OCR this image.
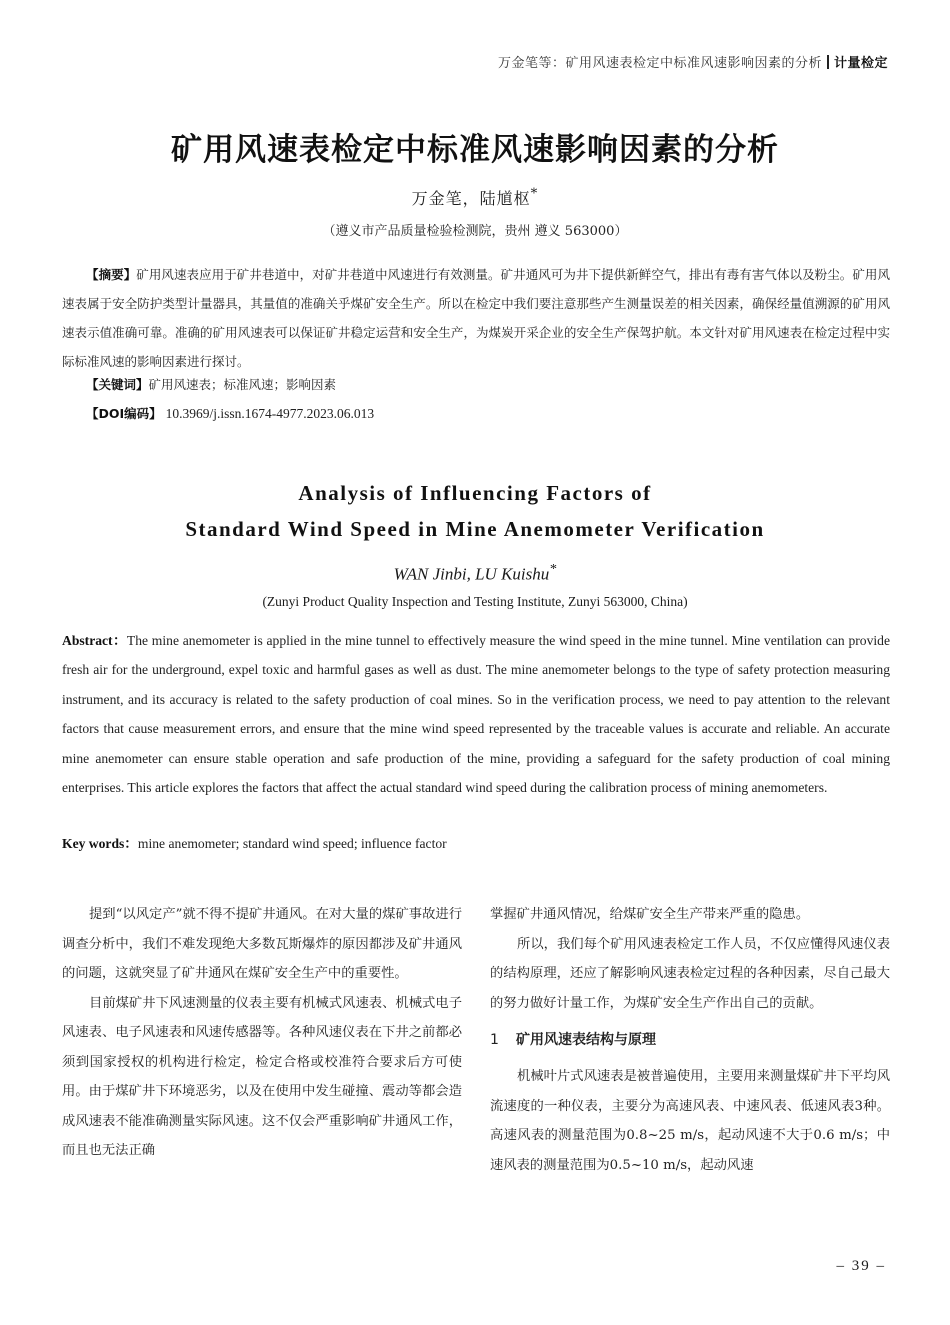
万金笔等：矿用风速表检定中标准风速影响因素的分析 计量检定
矿用风速表检定中标准风速影响因素的分析
万金笔，陆馗枢*
（遵义市产品质量检验检测院，贵州 遵义 563000）
【摘要】矿用风速表应用于矿井巷道中，对矿井巷道中风速进行有效测量。矿井通风可为井下提供新鲜空气，排出有毒有害气体以及粉尘。矿用风速表属于安全防护类型计量器具，其量值的准确关乎煤矿安全生产。所以在检定中我们要注意那些产生测量误差的相关因素，确保经量值溯源的矿用风速表示值准确可靠。准确的矿用风速表可以保证矿井稳定运营和安全生产，为煤炭开采企业的安全生产保驾护航。本文针对矿用风速表在检定过程中实际标准风速的影响因素进行探讨。
【关键词】矿用风速表；标准风速；影响因素
【DOI编码】 10.3969/j.issn.1674-4977.2023.06.013
Analysis of Influencing Factors of
Standard Wind Speed in Mine Anemometer Verification
WAN Jinbi, LU Kuishu*
(Zunyi Product Quality Inspection and Testing Institute, Zunyi 563000, China)
Abstract：The mine anemometer is applied in the mine tunnel to effectively measure the wind speed in the mine tunnel. Mine ventilation can provide fresh air for the underground, expel toxic and harmful gases as well as dust. The mine anemometer belongs to the type of safety protection measuring instrument, and its accuracy is related to the safety production of coal mines. So in the verification process, we need to pay attention to the relevant factors that cause measurement errors, and ensure that the mine wind speed represented by the traceable values is accurate and reliable. An accurate mine anemometer can ensure stable operation and safe production of the mine, providing a safeguard for the safety production of coal mining enterprises. This article explores the factors that affect the actual standard wind speed during the calibration process of mining anemometers.
Key words：mine anemometer; standard wind speed; influence factor

提到“以风定产”就不得不提矿井通风。在对大量的煤矿事故进行调查分析中，我们不难发现绝大多数瓦斯爆炸的原因都涉及矿井通风的问题，这就突显了矿井通风在煤矿安全生产中的重要性。

目前煤矿井下风速测量的仪表主要有机械式风速表、机械式电子风速表、电子风速表和风速传感器等。各种风速仪表在下井之前都必须到国家授权的机构进行检定，检定合格或校准符合要求后方可使用。由于煤矿井下环境恶劣，以及在使用中发生碰撞、震动等都会造成风速表不能准确测量实际风速。这不仅会严重影响矿井通风工作，而且也无法正确

掌握矿井通风情况，给煤矿安全生产带来严重的隐患。

所以，我们每个矿用风速表检定工作人员，不仅应懂得风速仪表的结构原理，还应了解影响风速表检定过程的各种因素，尽自己最大的努力做好计量工作，为煤矿安全生产作出自己的贡献。

1 矿用风速表结构与原理

机械叶片式风速表是被普遍使用，主要用来测量煤矿井下平均风流速度的一种仪表，主要分为高速风表、中速风表、低速风表3种。高速风表的测量范围为0.8~25 m/s，起动风速不大于0.6 m/s；中速风表的测量范围为0.5~10 m/s，起动风速

– 39 –
